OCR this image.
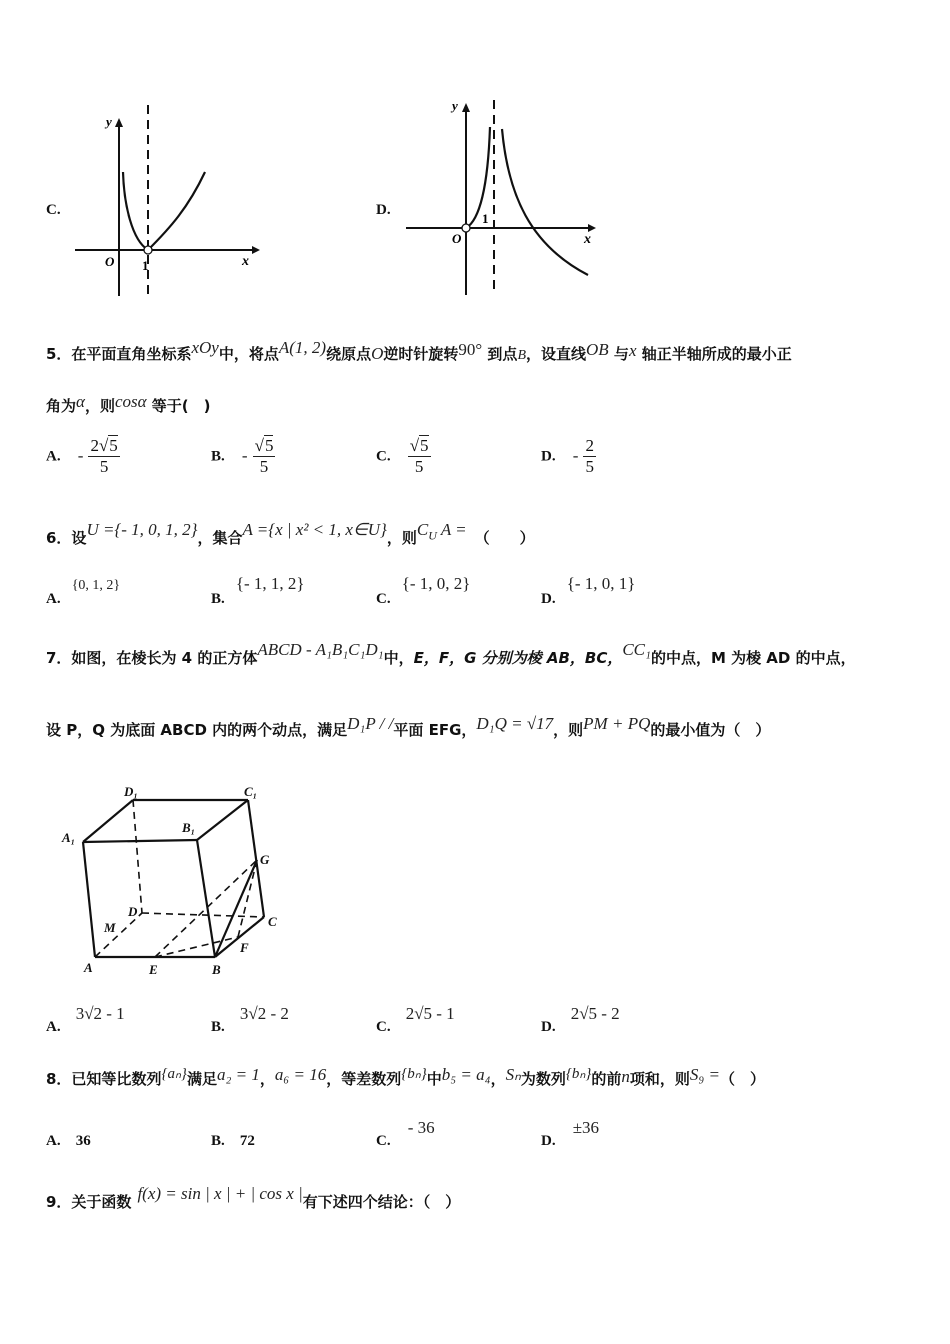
C.
y
x
O 1
D.
y
x
O
1
5．在平面直角坐标系xOy中，将点A(1, 2)绕原点O逆时针旋转90° 到点B，设直线OB 与x 轴正半轴所成的最小正
角为α，则cosα 等于(　)
A. - $\frac{2√5}{5}$	B. - $\frac{√5}{5}$	C. $\frac{√5}{5}$	D. - $\frac{2}{5}$
6．设U ={- 1, 0, 1, 2}，集合A ={x | x² < 1, x∈U}，则$C_U$ A = （　　）
A. {0, 1, 2}
B. {- 1, 1, 2}
C. {- 1, 0, 2}
D. {- 1, 0, 1}
7．如图，在棱长为 4 的正方体ABCD - A₁B₁C₁D₁中，E，F，G 分别为棱 AB，BC，CC₁的中点，M 为棱 AD 的中点，
设 P，Q 为底面 ABCD 内的两个动点，满足D₁P / /平面 EFG，D₁Q = √17，则PM + PQ的最小值为（　）
D₁	C₁
A₁
B₁
G
D
C
M
F
A	E	B
A. 3√2 - 1
B. 3√2 - 2
C. 2√5 - 1
D. 2√5 - 2
8．已知等比数列{aₙ}满足a₂ = 1，a₆ = 16，等差数列{bₙ}中b₅ = a₄，Sₙ为数列{bₙ}的前n项和，则S₉ =（　）
A. 36	B. 72	C. - 36
D. ±36
9．关于函数 f(x) = sin | x | + | cos x |有下述四个结论：（　）
